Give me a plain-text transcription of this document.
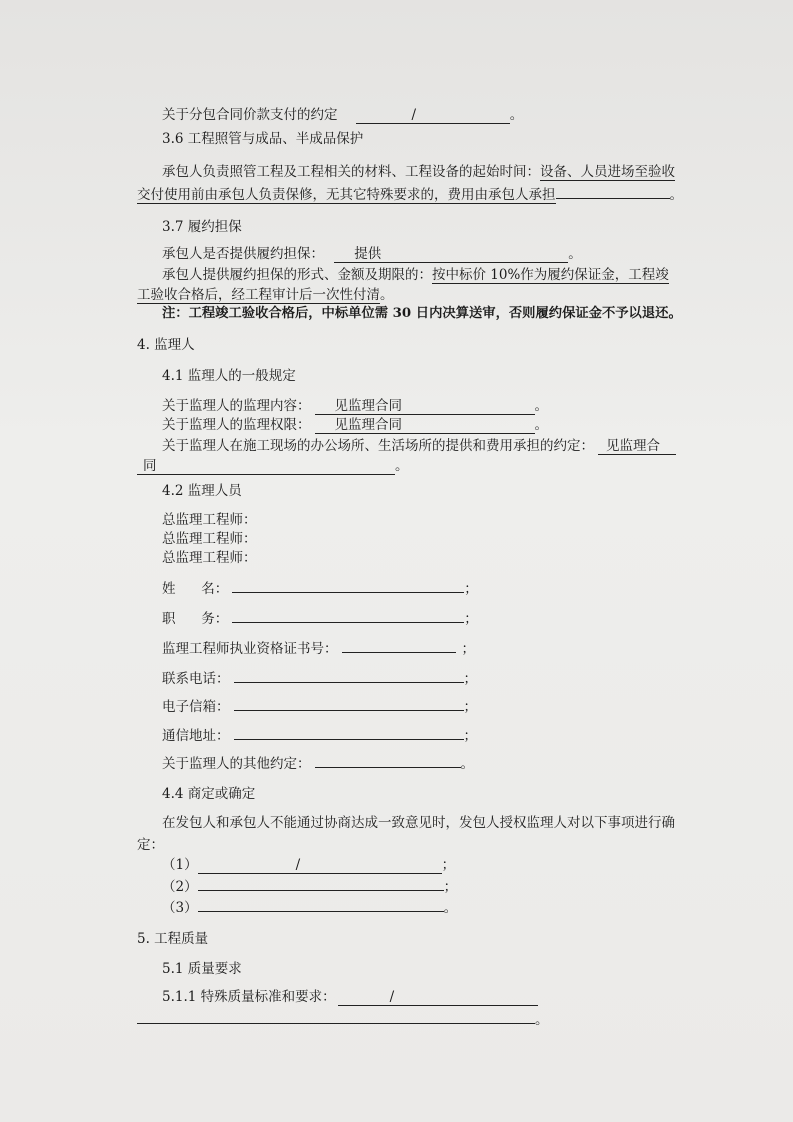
关于分包合同价款支付的约定	/	。
3.6 工程照管与成品、半成品保护
承包人负责照管工程及工程相关的材料、工程设备的起始时间：设备、人员进场至验收
交付使用前由承包人负责保修，无其它特殊要求的，费用由承包人承担	。
3.7 履约担保
承包人是否提供履约担保： 提供	。
承包人提供履约担保的形式、金额及期限的：按中标价 10%作为履约保证金，工程竣
工验收合格后，经工程审计后一次性付清。
注：工程竣工验收合格后，中标单位需 30 日内决算送审，否则履约保证金不予以退还。
4. 监理人
4.1 监理人的一般规定
关于监理人的监理内容： 见监理合同	。
关于监理人的监理权限： 见监理合同	。
关于监理人在施工现场的办公场所、生活场所的提供和费用承担的约定： 见监理合
同	。
4.2 监理人员
总监理工程师：
总监理工程师：
总监理工程师：
姓      名：	；
职      务：	；
监理工程师执业资格证书号：	；
联系电话：	；
电子信箱：	；
通信地址：	；
关于监理人的其他约定：	。
4.4 商定或确定
在发包人和承包人不能通过协商达成一致意见时，发包人授权监理人对以下事项进行确
定：
（1）	/	；
（2）	；
（3）	。
5. 工程质量
5.1 质量要求
5.1.1 特殊质量标准和要求：	/
。
